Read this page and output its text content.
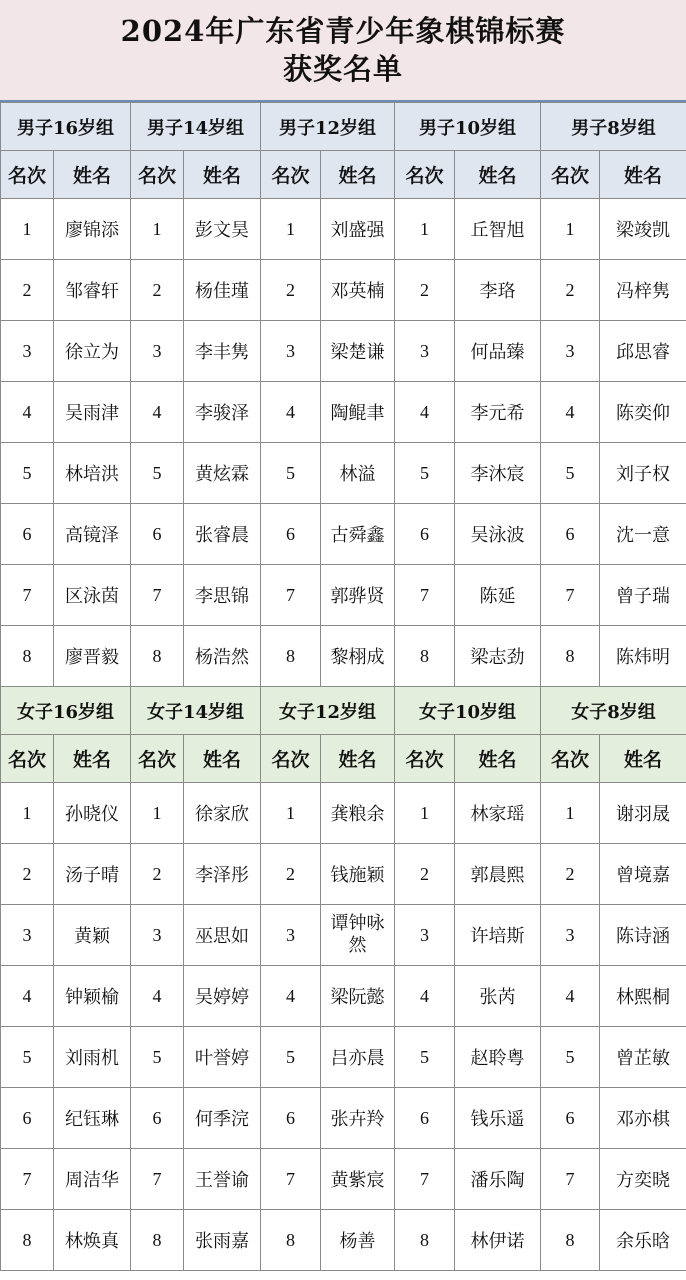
2024年广东省青少年象棋锦标赛
获奖名单
男子16岁组		男子14岁组		男子12岁组		男子10岁组		男子8岁组	
名次	姓名	名次	姓名	名次	姓名	名次	姓名	名次	姓名
1	廖锦添	1	彭文昊	1	刘盛强	1	丘智旭	1	梁竣凯
2	邹睿轩	2	杨佳瑾	2	邓英楠	2	李珞	2	冯梓隽
3	徐立为	3	李丰隽	3	梁楚谦	3	何品臻	3	邱思睿
4	吴雨津	4	李骏泽	4	陶鲲聿	4	李元希	4	陈奕仰
5	林培洪	5	黄炫霖	5	林溢	5	李沐宸	5	刘子权
6	高镜泽	6	张睿晨	6	古舜鑫	6	吴泳波	6	沈一意
7	区泳茵	7	李思锦	7	郭骅贤	7	陈延	7	曾子瑞
8	廖晋毅	8	杨浩然	8	黎栩成	8	梁志劲	8	陈炜明
女子16岁组		女子14岁组		女子12岁组		女子10岁组		女子8岁组	
名次	姓名	名次	姓名	名次	姓名	名次	姓名	名次	姓名
1	孙晓仪	1	徐家欣	1	龚粮余	1	林家瑶	1	谢羽晟
2	汤子晴	2	李泽彤	2	钱施颖	2	郭晨熙	2	曾境嘉
3	黄颖	3	巫思如	3	谭钟咏然	3	许培斯	3	陈诗涵
4	钟颖榆	4	吴婷婷	4	梁阮懿	4	张芮	4	林熙桐
5	刘雨机	5	叶誉婷	5	吕亦晨	5	赵聆粤	5	曾芷敏
6	纪钰琳	6	何季浣	6	张卉羚	6	钱乐遥	6	邓亦棋
7	周洁华	7	王誉谕	7	黄紫宸	7	潘乐陶	7	方奕晓
8	林焕真	8	张雨嘉	8	杨善	8	林伊诺	8	余乐晗
